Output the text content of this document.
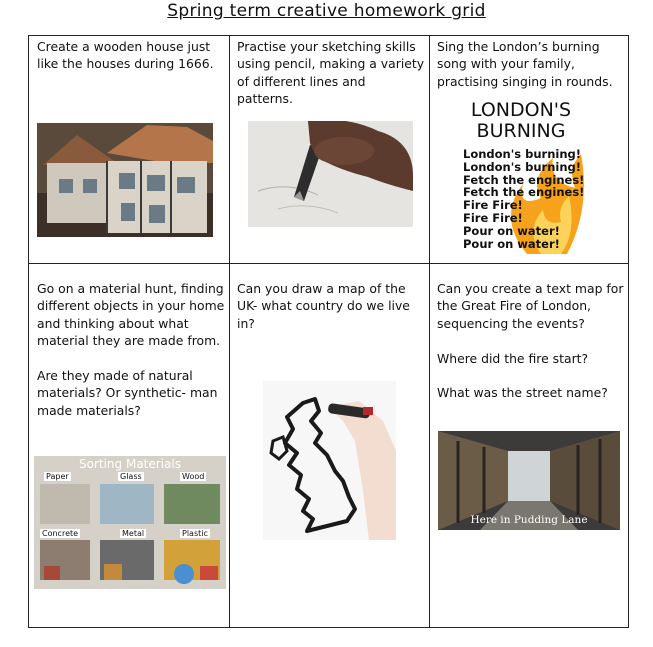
Spring term creative homework grid

Create a wooden house just like the houses during 1666.

Practise your sketching skills using pencil, making a variety of different lines and patterns.

Sing the London’s burning song with your family, practising singing in rounds.

LONDON'S
BURNING
London's burning!
London's burning!
Fetch the engines!
Fetch the engines!
Fire Fire!
Fire Fire!
Pour on water!
Pour on water!

Go on a material hunt, finding different objects in your home and thinking about what material they are made from.

Are they made of natural materials? Or synthetic- man made materials?

Sorting Materials
Paper	Glass	Wood
Concrete	Metal	Plastic

Can you draw a map of the UK- what country do we live in?

Can you create a text map for the Great Fire of London, sequencing the events?

Where did the fire start?

What was the street name?

Here in Pudding Lane
